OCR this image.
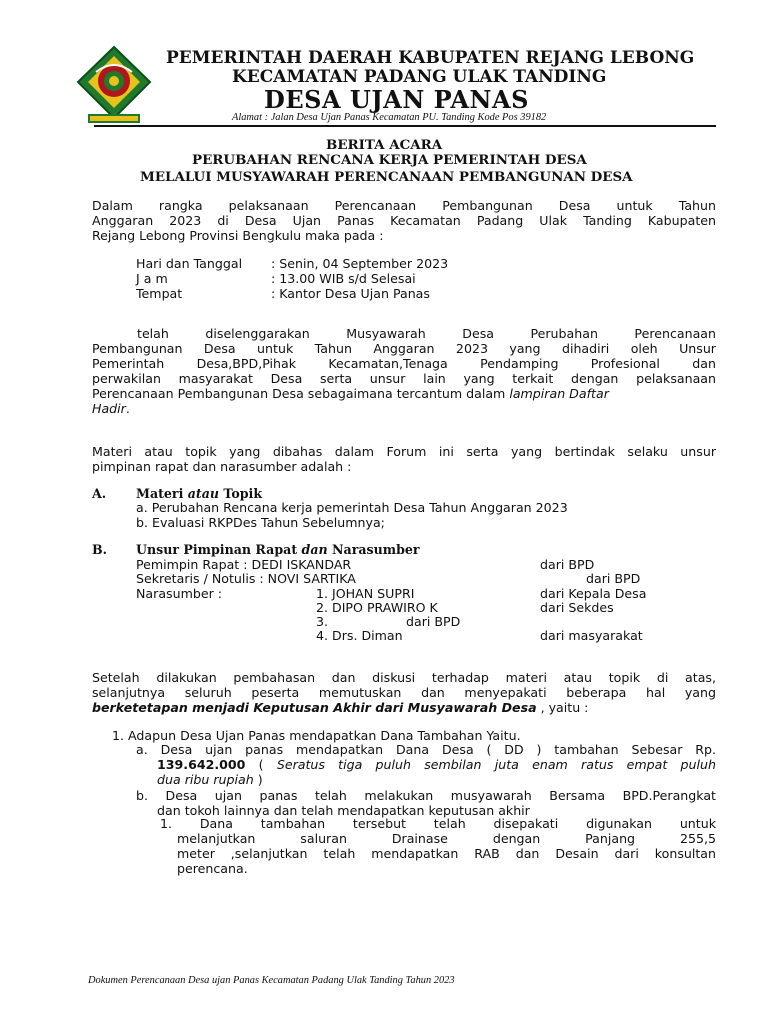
PEMERINTAH DAERAH KABUPATEN REJANG LEBONG
KECAMATAN PADANG ULAK TANDING
DESA UJAN PANAS
Alamat : Jalan Desa Ujan Panas Kecamatan PU. Tanding Kode Pos 39182
BERITA ACARA
PERUBAHAN RENCANA KERJA PEMERINTAH DESA
MELALUI MUSYAWARAH PERENCANAAN PEMBANGUNAN DESA
Dalam rangka pelaksanaan Perencanaan Pembangunan Desa untuk Tahun
Anggaran 2023 di Desa Ujan Panas Kecamatan Padang Ulak Tanding Kabupaten
Rejang Lebong Provinsi Bengkulu maka pada :
Hari dan Tanggal : Senin, 04 September 2023
J a m	: 13.00 WIB s/d Selesai
Tempat	: Kantor Desa Ujan Panas
telah diselenggarakan Musyawarah Desa Perubahan Perencanaan
Pembangunan Desa untuk Tahun Anggaran 2023 yang dihadiri oleh Unsur
Pemerintah Desa,BPD,Pihak Kecamatan,Tenaga Pendamping Profesional dan
perwakilan masyarakat Desa serta unsur lain yang terkait dengan pelaksanaan
Perencanaan Pembangunan Desa sebagaimana tercantum dalam lampiran Daftar
Hadir.
Materi atau topik yang dibahas dalam Forum ini serta yang bertindak selaku unsur
pimpinan rapat dan narasumber adalah :
A. Materi atau Topik
a. Perubahan Rencana kerja pemerintah Desa Tahun Anggaran 2023
b. Evaluasi RKPDes Tahun Sebelumnya;
B. Unsur Pimpinan Rapat dan Narasumber
Pemimpin Rapat : DEDI ISKANDAR	dari BPD
Sekretaris / Notulis : NOVI SARTIKA	dari BPD
Narasumber :	1. JOHAN SUPRI	dari Kepala Desa
2. DIPO PRAWIRO K	dari Sekdes
3.	dari BPD
4. Drs. Diman	dari masyarakat
Setelah dilakukan pembahasan dan diskusi terhadap materi atau topik di atas,
selanjutnya seluruh peserta memutuskan dan menyepakati beberapa hal yang
berketetapan menjadi Keputusan Akhir dari Musyawarah Desa , yaitu :
1. Adapun Desa Ujan Panas mendapatkan Dana Tambahan Yaitu.
a. Desa ujan panas mendapatkan Dana Desa ( DD ) tambahan Sebesar Rp.
139.642.000 ( Seratus tiga puluh sembilan juta enam ratus empat puluh
dua ribu rupiah )
b. Desa ujan panas telah melakukan musyawarah Bersama BPD.Perangkat
dan tokoh lainnya dan telah mendapatkan keputusan akhir
1. Dana tambahan tersebut telah disepakati digunakan untuk
melanjutkan saluran Drainase dengan Panjang 255,5
meter ,selanjutkan telah mendapatkan RAB dan Desain dari konsultan
perencana.
Dokumen Perencanaan Desa ujan Panas Kecamatan Padang Ulak Tanding Tahun 2023
